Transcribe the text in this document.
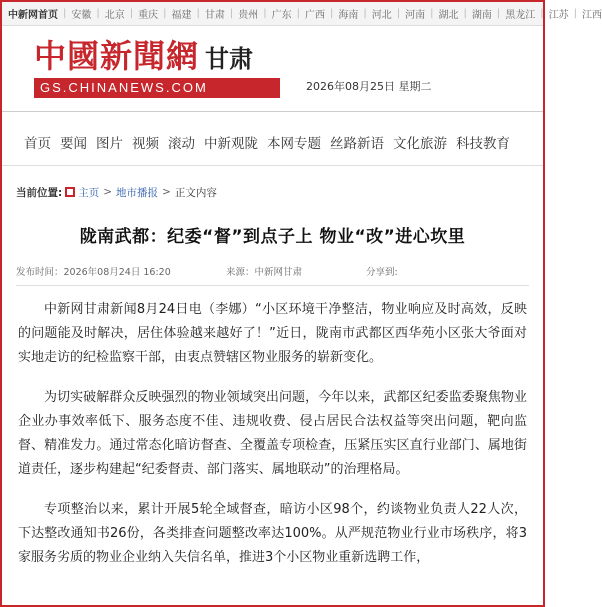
中新网首页 | 安徽 | 北京 | 重庆 | 福建 | 甘肃 | 贵州 | 广东 | 广西 | 海南 | 河北 | 河南 | 湖北 | 湖南 | 黑龙江 | 江苏 | 江西
中國新聞網 甘肃
GS.CHINANEWS.COM	2026年08月25日 星期二
首页 要闻 图片 视频 滚动 中新观陇 本网专题 丝路新语 文化旅游 科技教育
当前位置: 主页 > 地市播报 > 正文内容
陇南武都：纪委“督”到点子上 物业“改”进心坎里
发布时间：2026年08月24日 16:20	来源：中新网甘肃	分享到:

中新网甘肃新闻8月24日电（李娜）“小区环境干净整洁，物业响应及时高效，反映的问题能及时解决，居住体验越来越好了！”近日，陇南市武都区西华苑小区张大爷面对实地走访的纪检监察干部，由衷点赞辖区物业服务的崭新变化。

为切实破解群众反映强烈的物业领域突出问题，今年以来，武都区纪委监委聚焦物业企业办事效率低下、服务态度不佳、违规收费、侵占居民合法权益等突出问题，靶向监督、精准发力。通过常态化暗访督查、全覆盖专项检查，压紧压实区直行业部门、属地街道责任，逐步构建起“纪委督责、部门落实、属地联动”的治理格局。

专项整治以来，累计开展5轮全域督查，暗访小区98个，约谈物业负责人22人次，下达整改通知书26份，各类排查问题整改率达100%。从严规范物业行业市场秩序，将3家服务劣质的物业企业纳入失信名单，推进3个小区物业重新选聘工作，
